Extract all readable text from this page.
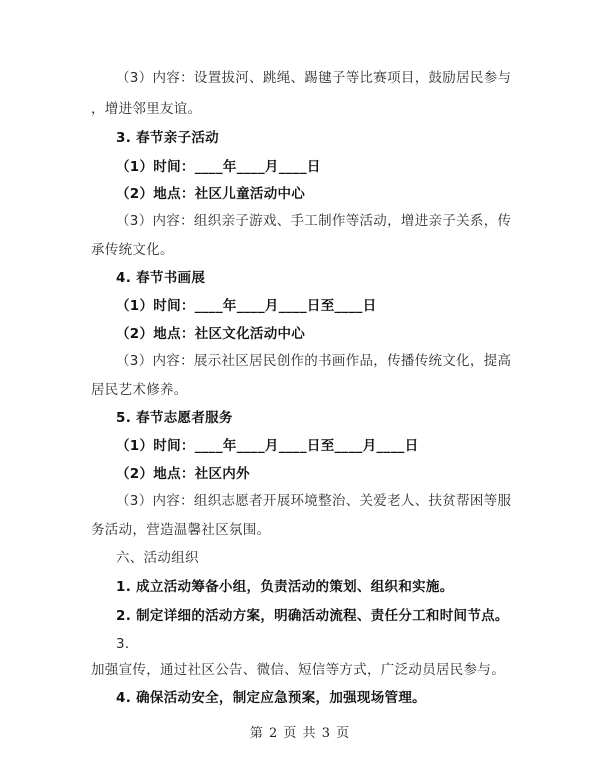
（3）内容：设置拔河、跳绳、踢毽子等比赛项目，鼓励居民参与
，增进邻里友谊。
3. 春节亲子活动
（1）时间：____年____月____日
（2）地点：社区儿童活动中心
（3）内容：组织亲子游戏、手工制作等活动，增进亲子关系，传
承传统文化。
4. 春节书画展
（1）时间：____年____月____日至____日
（2）地点：社区文化活动中心
（3）内容：展示社区居民创作的书画作品，传播传统文化，提高
居民艺术修养。
5. 春节志愿者服务
（1）时间：____年____月____日至____月____日
（2）地点：社区内外
（3）内容：组织志愿者开展环境整治、关爱老人、扶贫帮困等服
务活动，营造温馨社区氛围。
六、活动组织
1. 成立活动筹备小组，负责活动的策划、组织和实施。
2. 制定详细的活动方案，明确活动流程、责任分工和时间节点。
3.
加强宣传，通过社区公告、微信、短信等方式，广泛动员居民参与。
4. 确保活动安全，制定应急预案，加强现场管理。
第 2 页 共 3 页
